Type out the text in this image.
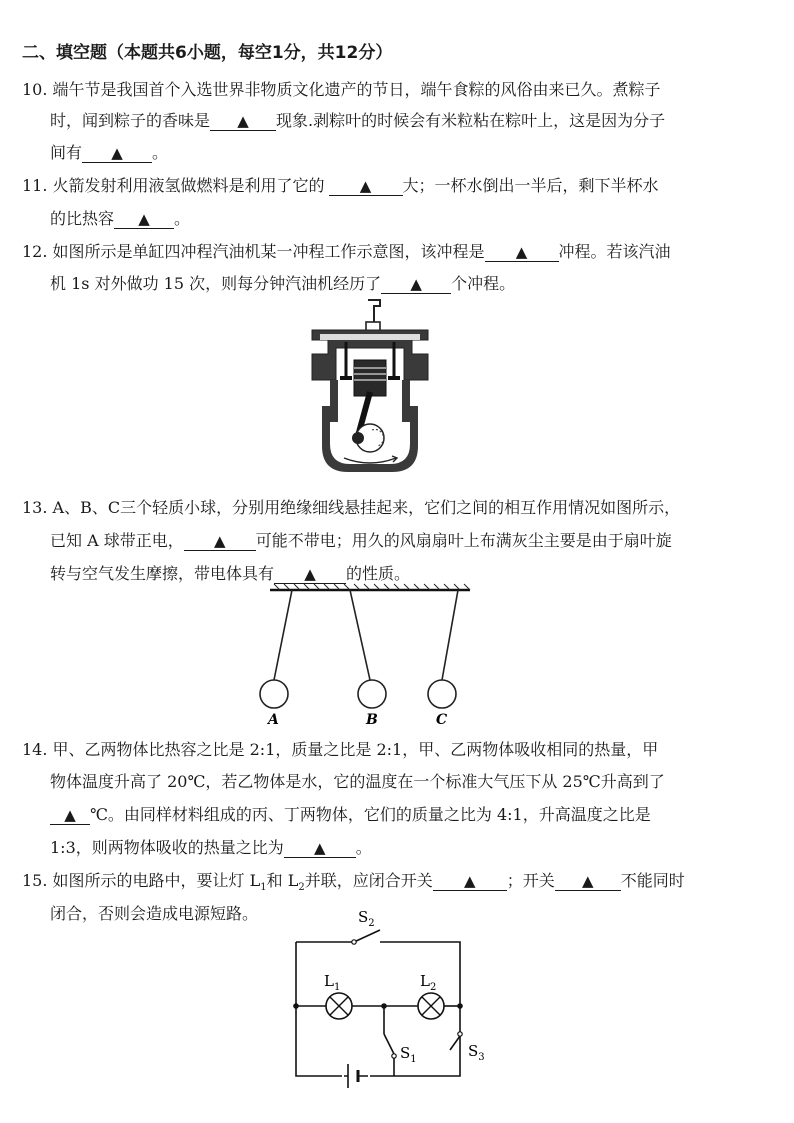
二、填空题（本题共6小题，每空1分，共12分）
10. 端午节是我国首个入选世界非物质文化遗产的节日，端午食粽的风俗由来已久。煮粽子
时，闻到粽子的香味是 ▲ 现象.剥粽叶的时候会有米粒粘在粽叶上，这是因为分子
间有 ▲ 。
11. 火箭发射利用液氢做燃料是利用了它的 ▲ 大；一杯水倒出一半后，剩下半杯水
的比热容 ▲ 。
12. 如图所示是单缸四冲程汽油机某一冲程工作示意图，该冲程是 ▲ 冲程。若该汽油
机 1s 对外做功 15 次，则每分钟汽油机经历了 ▲ 个冲程。
13. A、B、C三个轻质小球，分别用绝缘细线悬挂起来，它们之间的相互作用情况如图所示，
已知 A 球带正电， ▲ 可能不带电；用久的风扇扇叶上布满灰尘主要是由于扇叶旋
转与空气发生摩擦，带电体具有 ▲ 的性质。
A	B	C
14. 甲、乙两物体比热容之比是 2:1，质量之比是 2:1，甲、乙两物体吸收相同的热量，甲
物体温度升高了 20℃，若乙物体是水，它的温度在一个标准大气压下从 25℃升高到了
▲ ℃。由同样材料组成的丙、丁两物体，它们的质量之比为 4:1，升高温度之比是
1:3，则两物体吸收的热量之比为 ▲ 。
15. 如图所示的电路中，要让灯 $L_1$和 $L_2$并联，应闭合开关 ▲ ；开关 ▲ 不能同时
闭合，否则会造成电源短路。	$S_2$
$L_1$	$L_2$
$S_1$	$S_3$
